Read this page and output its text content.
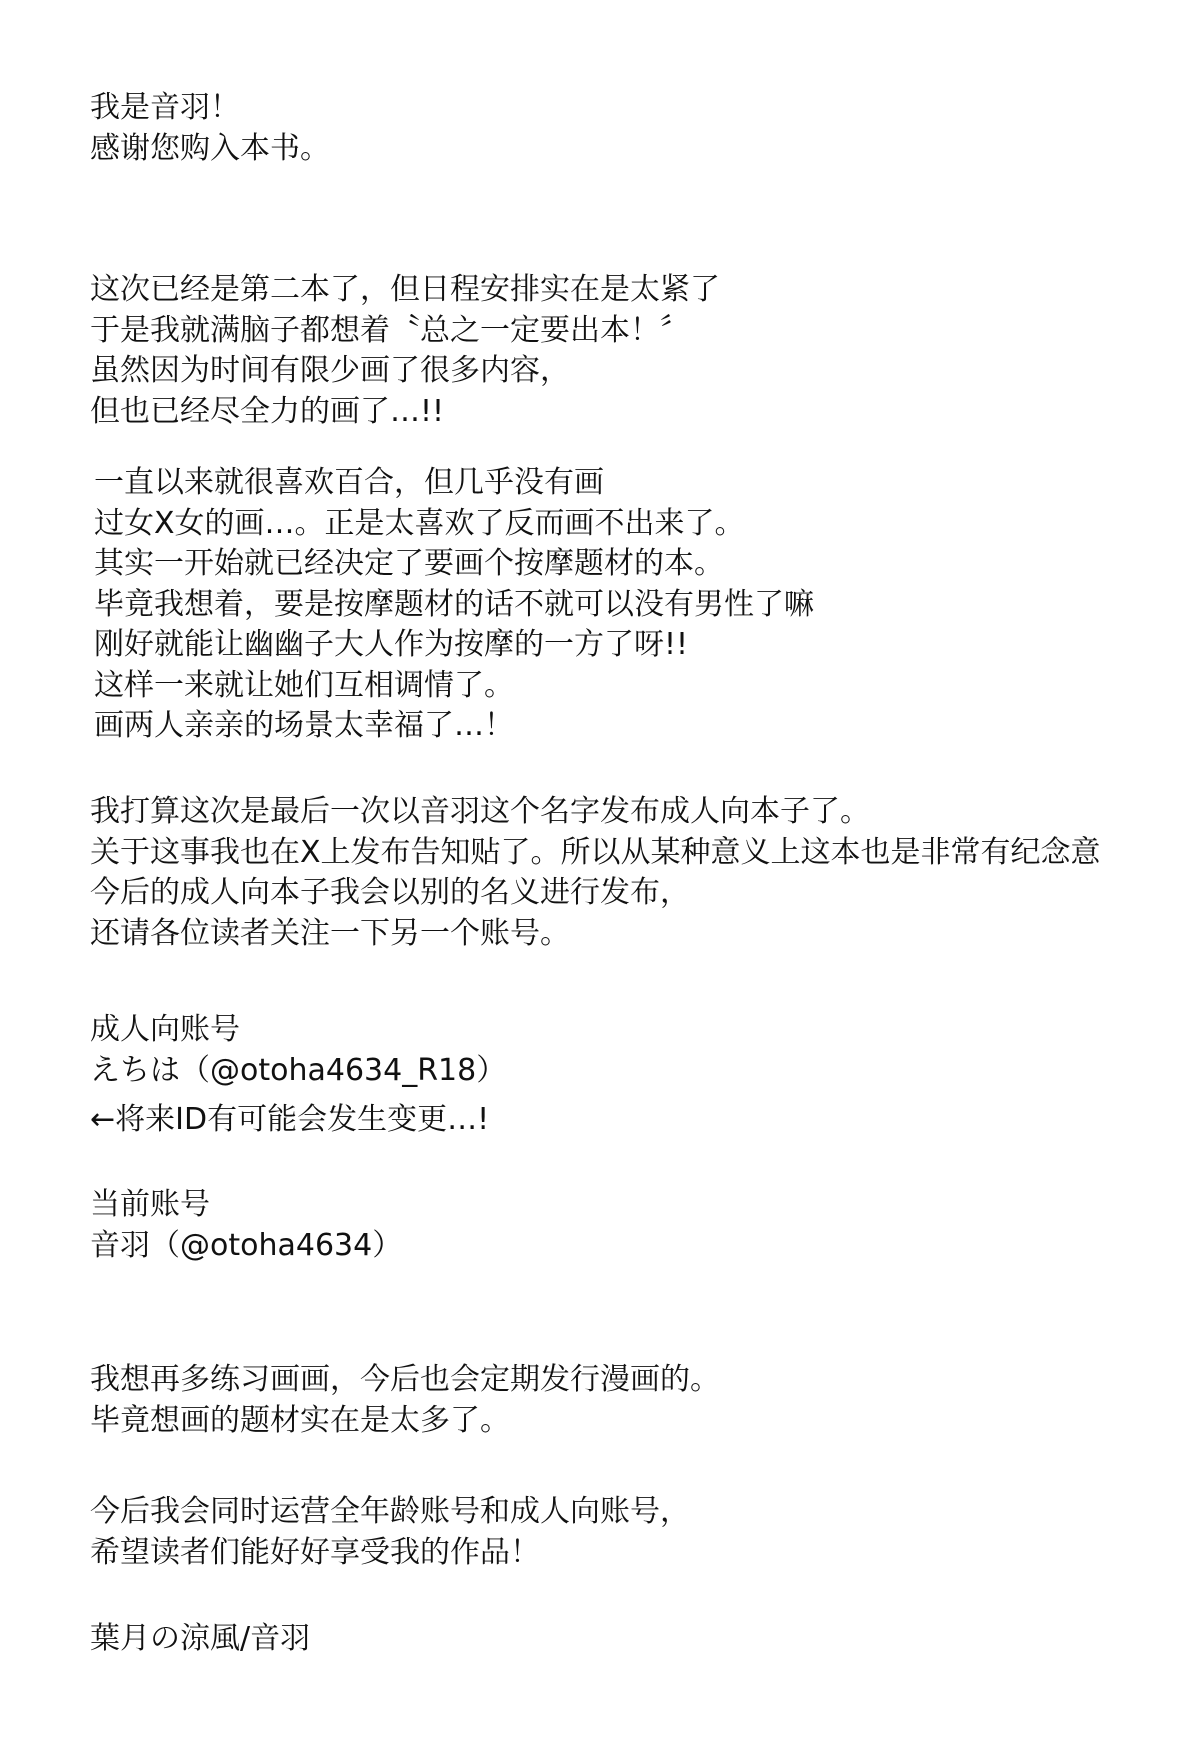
我是音羽！
感谢您购入本书。
这次已经是第二本了，但日程安排实在是太紧了
于是我就满脑子都想着〝总之一定要出本！〞
虽然因为时间有限少画了很多内容，
但也已经尽全力的画了…!!
一直以来就很喜欢百合，但几乎没有画
过女X女的画…。正是太喜欢了反而画不出来了。
其实一开始就已经决定了要画个按摩题材的本。
毕竟我想着，要是按摩题材的话不就可以没有男性了嘛
刚好就能让幽幽子大人作为按摩的一方了呀!!
这样一来就让她们互相调情了。
画两人亲亲的场景太幸福了…！
我打算这次是最后一次以音羽这个名字发布成人向本子了。
关于这事我也在X上发布告知贴了。所以从某种意义上这本也是非常有纪念意
今后的成人向本子我会以别的名义进行发布，
还请各位读者关注一下另一个账号。
成人向账号
えちは（@otoha4634_R18）
←将来ID有可能会发生变更…!
当前账号
音羽（@otoha4634）
我想再多练习画画，今后也会定期发行漫画的。
毕竟想画的题材实在是太多了。
今后我会同时运营全年龄账号和成人向账号，
希望读者们能好好享受我的作品！
葉月の涼風/音羽
